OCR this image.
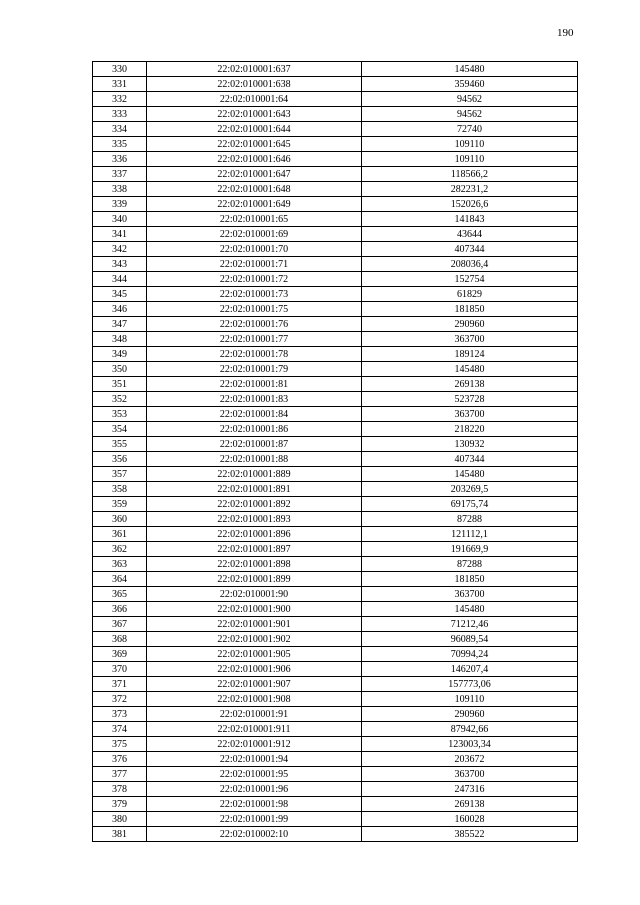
190
330	22:02:010001:637	145480
331	22:02:010001:638	359460
332	22:02:010001:64	94562
333	22:02:010001:643	94562
334	22:02:010001:644	72740
335	22:02:010001:645	109110
336	22:02:010001:646	109110
337	22:02:010001:647	118566,2
338	22:02:010001:648	282231,2
339	22:02:010001:649	152026,6
340	22:02:010001:65	141843
341	22:02:010001:69	43644
342	22:02:010001:70	407344
343	22:02:010001:71	208036,4
344	22:02:010001:72	152754
345	22:02:010001:73	61829
346	22:02:010001:75	181850
347	22:02:010001:76	290960
348	22:02:010001:77	363700
349	22:02:010001:78	189124
350	22:02:010001:79	145480
351	22:02:010001:81	269138
352	22:02:010001:83	523728
353	22:02:010001:84	363700
354	22:02:010001:86	218220
355	22:02:010001:87	130932
356	22:02:010001:88	407344
357	22:02:010001:889	145480
358	22:02:010001:891	203269,5
359	22:02:010001:892	69175,74
360	22:02:010001:893	87288
361	22:02:010001:896	121112,1
362	22:02:010001:897	191669,9
363	22:02:010001:898	87288
364	22:02:010001:899	181850
365	22:02:010001:90	363700
366	22:02:010001:900	145480
367	22:02:010001:901	71212,46
368	22:02:010001:902	96089,54
369	22:02:010001:905	70994,24
370	22:02:010001:906	146207,4
371	22:02:010001:907	157773,06
372	22:02:010001:908	109110
373	22:02:010001:91	290960
374	22:02:010001:911	87942,66
375	22:02:010001:912	123003,34
376	22:02:010001:94	203672
377	22:02:010001:95	363700
378	22:02:010001:96	247316
379	22:02:010001:98	269138
380	22:02:010001:99	160028
381	22:02:010002:10	385522
